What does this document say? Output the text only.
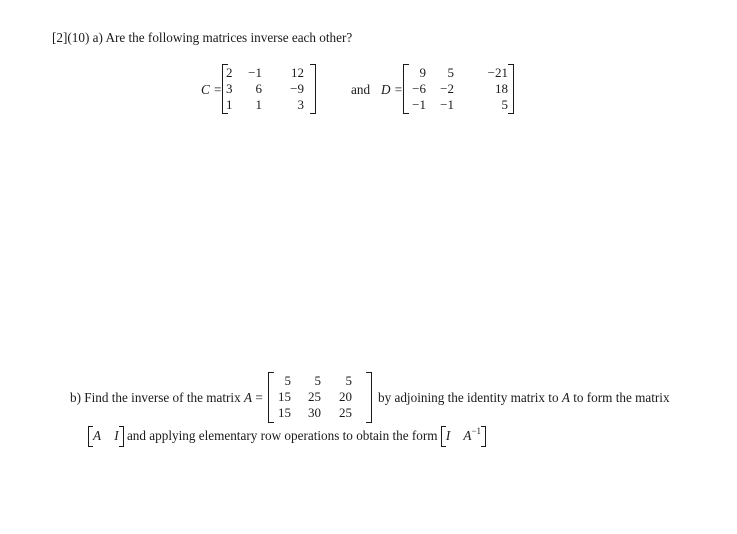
[2](10) a) Are the following matrices inverse each other?
C =
2	−1	12
3	6	−9
1	1	3
and D =
9	5	−21
−6	−2	18
−1	−1	5
b) Find the inverse of the matrix A =
5	5	5
15	25	20
15	30	25
by adjoining the identity matrix to A to form the matrix
A I and applying elementary row operations to obtain the form I $A^{-1}$
